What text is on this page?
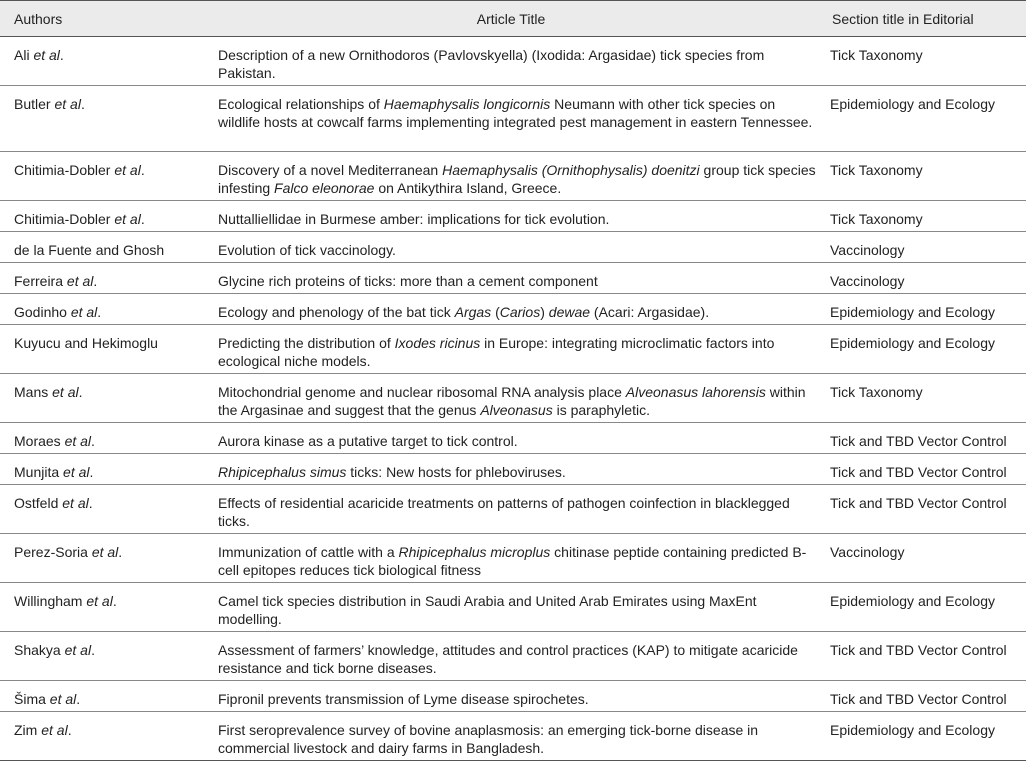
Authors	Article Title	Section title in Editorial
Ali et al.	Description of a new Ornithodoros (Pavlovskyella) (Ixodida: Argasidae) tick species from Pakistan.	Tick Taxonomy
Butler et al.	Ecological relationships of Haemaphysalis longicornis Neumann with other tick species on wildlife hosts at cowcalf farms implementing integrated pest management in eastern Tennessee.	Epidemiology and Ecology
Chitimia-Dobler et al.	Discovery of a novel Mediterranean Haemaphysalis (Ornithophysalis) doenitzi group tick species infesting Falco eleonorae on Antikythira Island, Greece.	Tick Taxonomy
Chitimia-Dobler et al.	Nuttalliellidae in Burmese amber: implications for tick evolution.	Tick Taxonomy
de la Fuente and Ghosh	Evolution of tick vaccinology.	Vaccinology
Ferreira et al.	Glycine rich proteins of ticks: more than a cement component	Vaccinology
Godinho et al.	Ecology and phenology of the bat tick Argas (Carios) dewae (Acari: Argasidae).	Epidemiology and Ecology
Kuyucu and Hekimoglu	Predicting the distribution of Ixodes ricinus in Europe: integrating microclimatic factors into ecological niche models.	Epidemiology and Ecology
Mans et al.	Mitochondrial genome and nuclear ribosomal RNA analysis place Alveonasus lahorensis within the Argasinae and suggest that the genus Alveonasus is paraphyletic.	Tick Taxonomy
Moraes et al.	Aurora kinase as a putative target to tick control.	Tick and TBD Vector Control
Munjita et al.	Rhipicephalus simus ticks: New hosts for phleboviruses.	Tick and TBD Vector Control
Ostfeld et al.	Effects of residential acaricide treatments on patterns of pathogen coinfection in blacklegged ticks.	Tick and TBD Vector Control
Perez-Soria et al.	Immunization of cattle with a Rhipicephalus microplus chitinase peptide containing predicted B-cell epitopes reduces tick biological fitness	Vaccinology
Willingham et al.	Camel tick species distribution in Saudi Arabia and United Arab Emirates using MaxEnt modelling.	Epidemiology and Ecology
Shakya et al.	Assessment of farmers’ knowledge, attitudes and control practices (KAP) to mitigate acaricide resistance and tick borne diseases.	Tick and TBD Vector Control
Šima et al.	Fipronil prevents transmission of Lyme disease spirochetes.	Tick and TBD Vector Control
Zim et al.	First seroprevalence survey of bovine anaplasmosis: an emerging tick-borne disease in commercial livestock and dairy farms in Bangladesh.	Epidemiology and Ecology
